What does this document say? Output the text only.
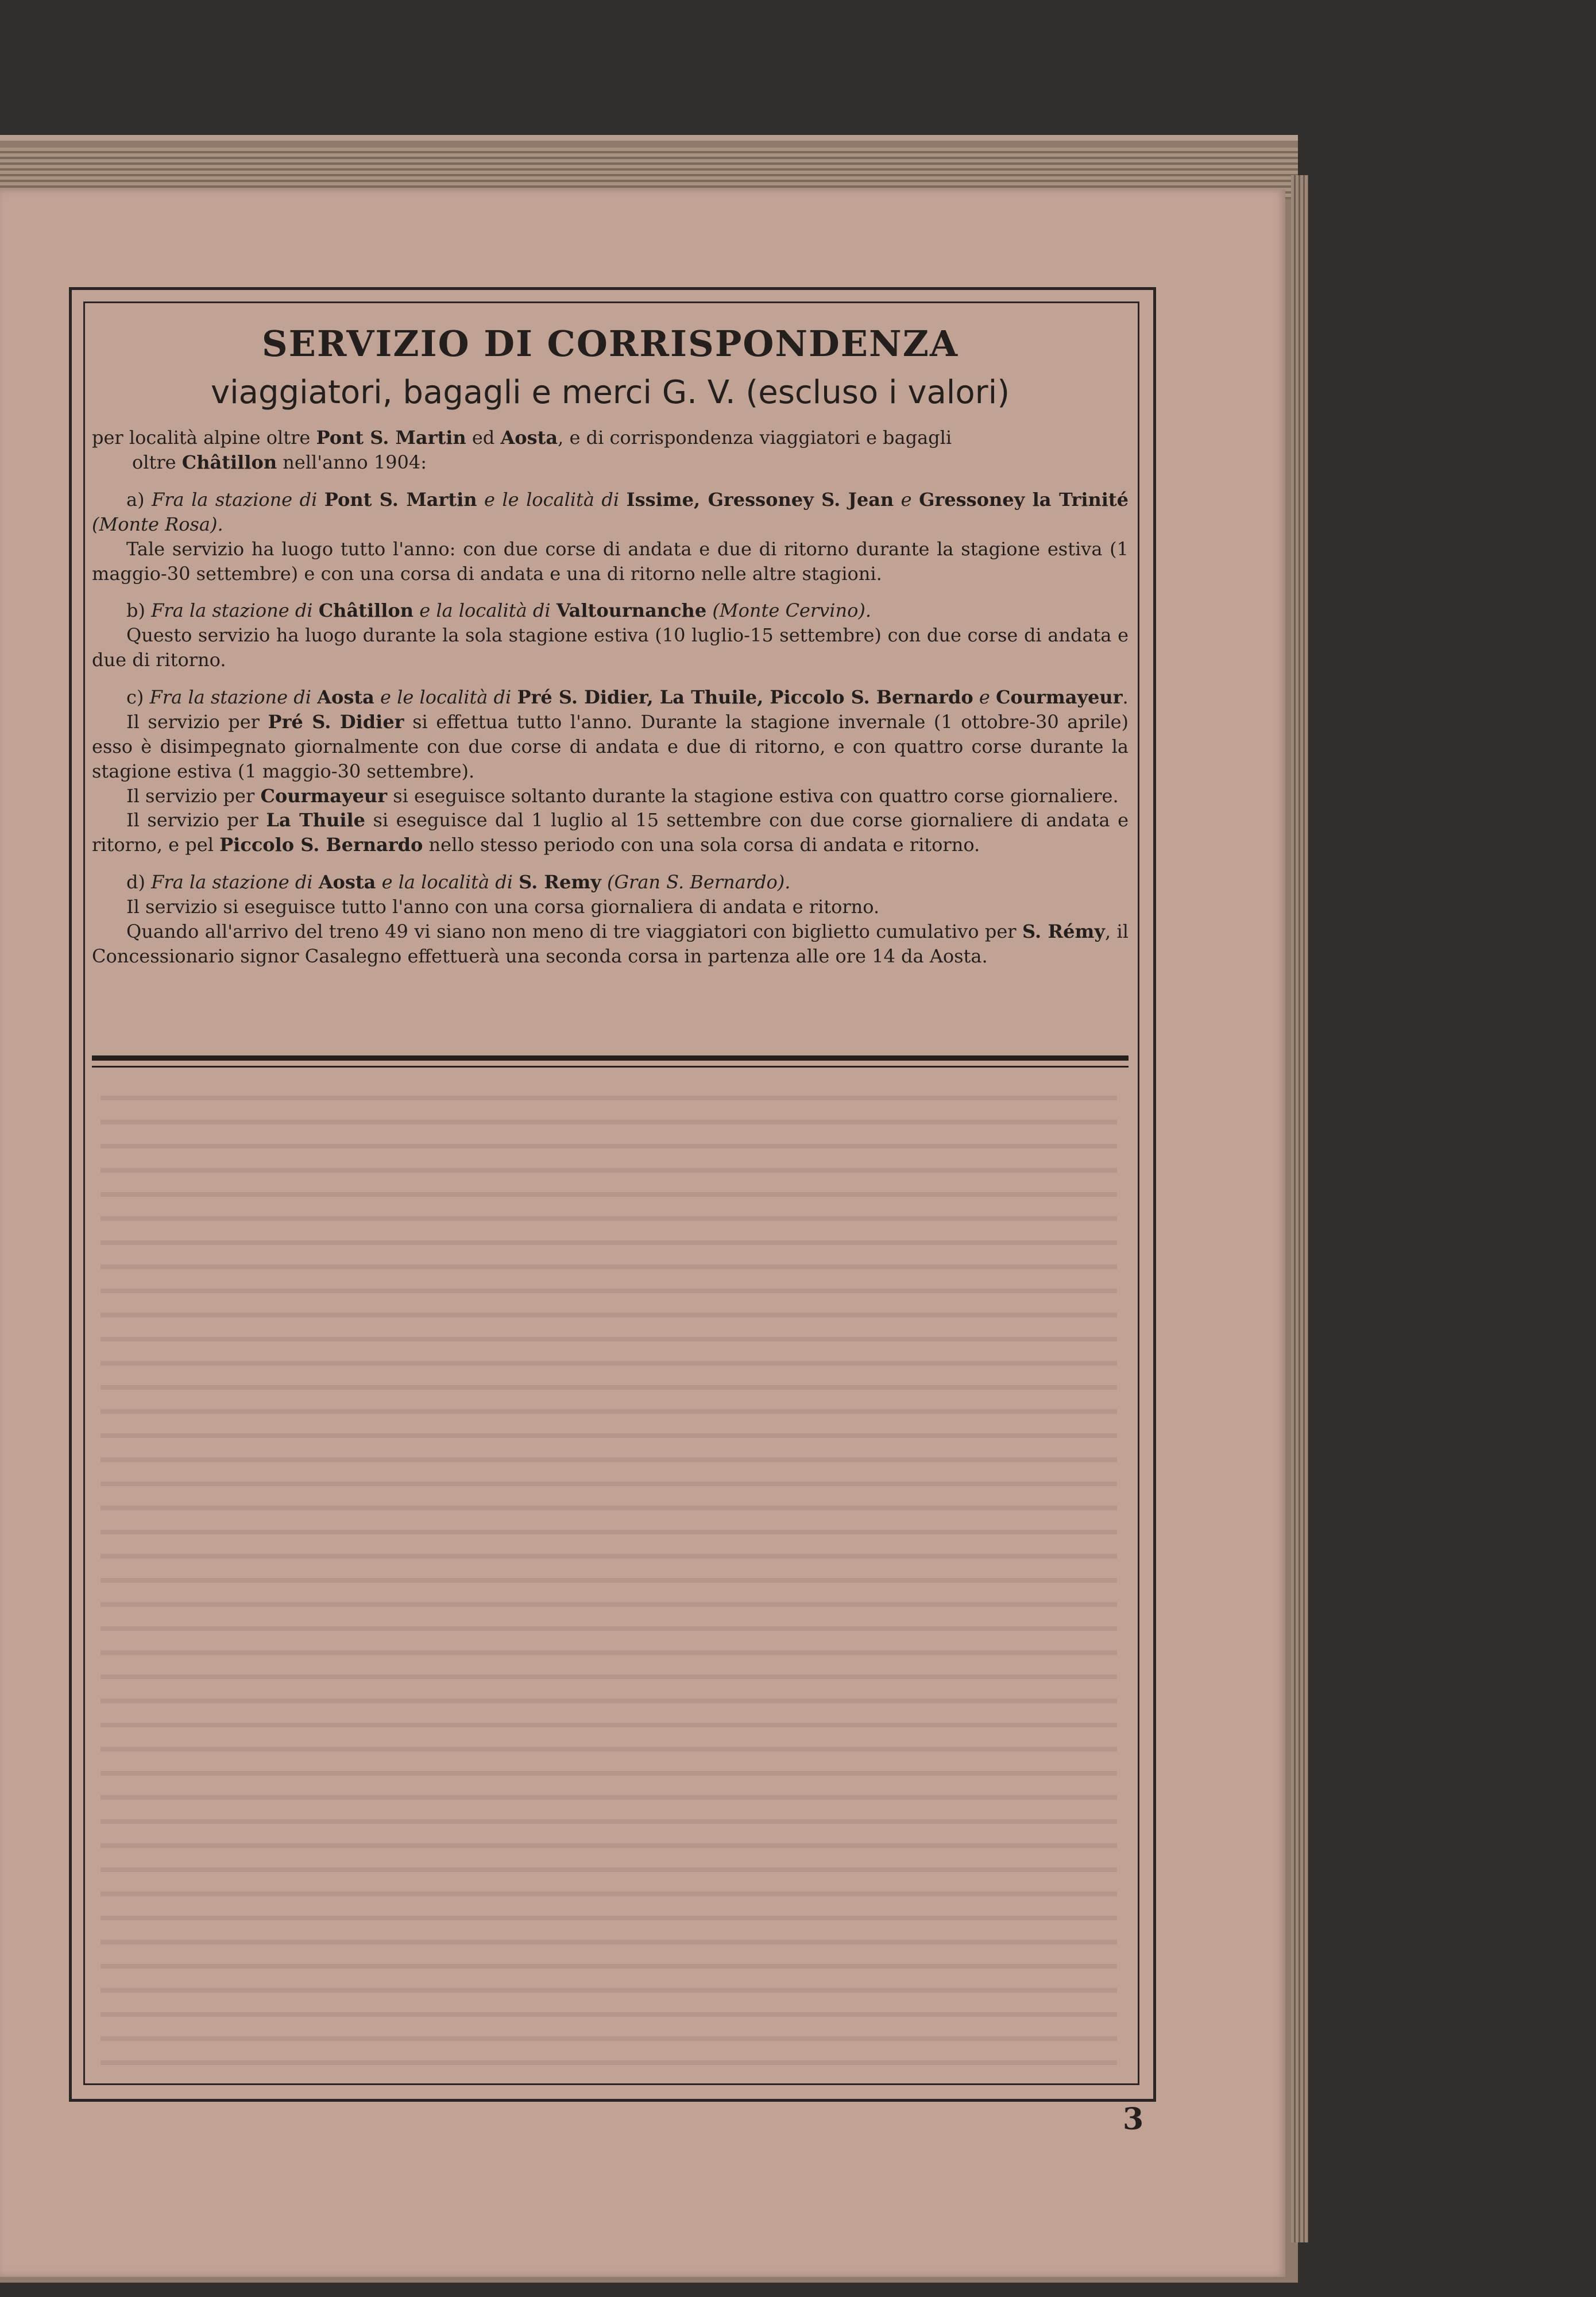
SERVIZIO DI CORRISPONDENZA
viaggiatori, bagagli e merci G. V. (escluso i valori)

per località alpine oltre Pont S. Martin ed Aosta, e di corrispondenza viaggiatori e bagagli
oltre Châtillon nell'anno 1904:

a) Fra la stazione di Pont S. Martin e le località di Issime, Gressoney S. Jean e Gressoney la Trinité (Monte Rosa).

Tale servizio ha luogo tutto l'anno: con due corse di andata e due di ritorno durante la stagione estiva (1 maggio-30 settembre) e con una corsa di andata e una di ritorno nelle altre stagioni.

b) Fra la stazione di Châtillon e la località di Valtournanche (Monte Cervino).

Questo servizio ha luogo durante la sola stagione estiva (10 luglio-15 settembre) con due corse di andata e due di ritorno.

c) Fra la stazione di Aosta e le località di Pré S. Didier, La Thuile, Piccolo S. Bernardo e Courmayeur.

Il servizio per Pré S. Didier si effettua tutto l'anno. Durante la stagione invernale (1 ottobre-30 aprile) esso è disimpegnato giornalmente con due corse di andata e due di ritorno, e con quattro corse durante la stagione estiva (1 maggio-30 settembre).

Il servizio per Courmayeur si eseguisce soltanto durante la stagione estiva con quattro corse giornaliere.

Il servizio per La Thuile si eseguisce dal 1 luglio al 15 settembre con due corse giornaliere di andata e ritorno, e pel Piccolo S. Bernardo nello stesso periodo con una sola corsa di andata e ritorno.

d) Fra la stazione di Aosta e la località di S. Remy (Gran S. Bernardo).

Il servizio si eseguisce tutto l'anno con una corsa giornaliera di andata e ritorno.

Quando all'arrivo del treno 49 vi siano non meno di tre viaggiatori con biglietto cumulativo per S. Rémy, il Concessionario signor Casalegno effettuerà una seconda corsa in partenza alle ore 14 da Aosta.

3
